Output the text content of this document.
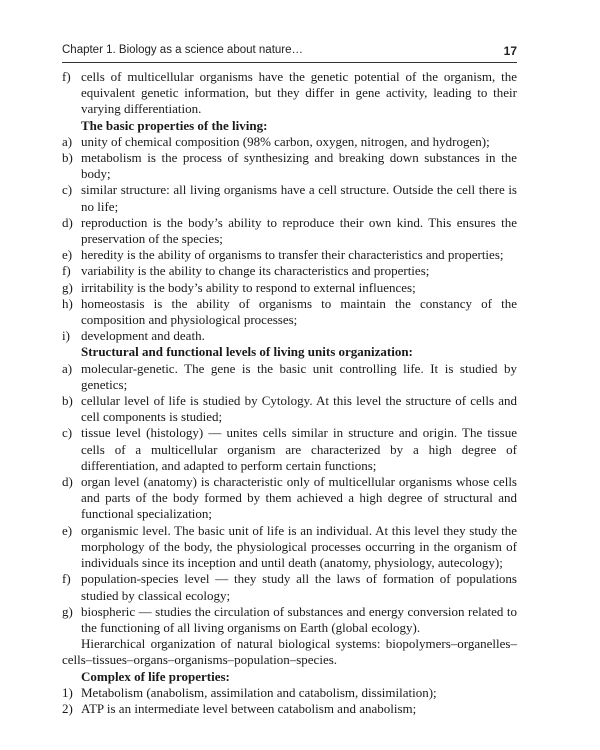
Chapter 1. Biology as a science about nature…	17
f) cells of multicellular organisms have the genetic potential of the organism, the equivalent genetic information, but they differ in gene activity, leading to their varying differentiation.
The basic properties of the living:
a) unity of chemical composition (98% carbon, oxygen, nitrogen, and hydrogen);
b) metabolism is the process of synthesizing and breaking down substances in the body;
c) similar structure: all living organisms have a cell structure. Outside the cell there is no life;
d) reproduction is the body’s ability to reproduce their own kind. This ensures the preservation of the species;
e) heredity is the ability of organisms to transfer their characteristics and properties;
f) variability is the ability to change its characteristics and properties;
g) irritability is the body’s ability to respond to external influences;
h) homeostasis is the ability of organisms to maintain the constancy of the composition and physiological processes;
i) development and death.
Structural and functional levels of living units organization:
a) molecular-genetic. The gene is the basic unit controlling life. It is studied by genetics;
b) cellular level of life is studied by Cytology. At this level the structure of cells and cell components is studied;
c) tissue level (histology) — unites cells similar in structure and origin. The tissue cells of a multicellular organism are characterized by a high degree of differentiation, and adapted to perform certain functions;
d) organ level (anatomy) is characteristic only of multicellular organisms whose cells and parts of the body formed by them achieved a high degree of structural and functional specialization;
e) organismic level. The basic unit of life is an individual. At this level they study the morphology of the body, the physiological processes occurring in the organism of individuals since its inception and until death (anatomy, physiology, autecology);
f) population-species level — they study all the laws of formation of populations studied by classical ecology;
g) biospheric — studies the circulation of substances and energy conversion related to the functioning of all living organisms on Earth (global ecology).
Hierarchical organization of natural biological systems: biopolymers–organelles–cells–tissues–organs–organisms–population–species.
Complex of life properties:
1) Metabolism (anabolism, assimilation and catabolism, dissimilation);
2) ATP is an intermediate level between catabolism and anabolism;
